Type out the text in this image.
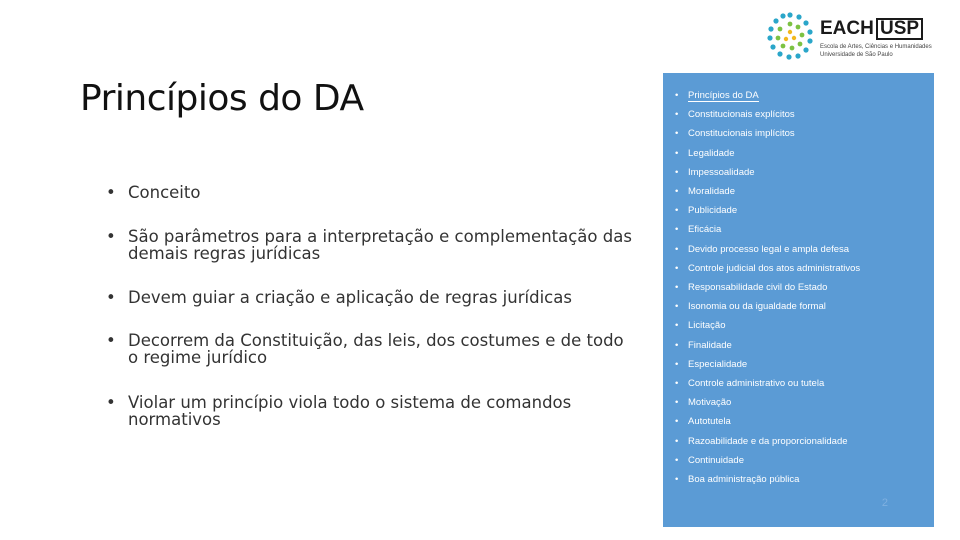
EACH USP
Escola de Artes, Ciências e Humanidades
Universidade de São Paulo
Princípios do DA
• Conceito
• São parâmetros para a interpretação e complementação das demais regras jurídicas
• Devem guiar a criação e aplicação de regras jurídicas
• Decorrem da Constituição, das leis, dos costumes e de todo o regime jurídico
• Violar um princípio viola todo o sistema de comandos normativos
• Princípios do DA
• Constitucionais explícitos
• Constitucionais implícitos
• Legalidade
• Impessoalidade
• Moralidade
• Publicidade
• Eficácia
• Devido processo legal e ampla defesa
• Controle judicial dos atos administrativos
• Responsabilidade civil do Estado
• Isonomia ou da igualdade formal
• Licitação
• Finalidade
• Especialidade
• Controle administrativo ou tutela
• Motivação
• Autotutela
• Razoabilidade e da proporcionalidade
• Continuidade
• Boa administração pública
2
